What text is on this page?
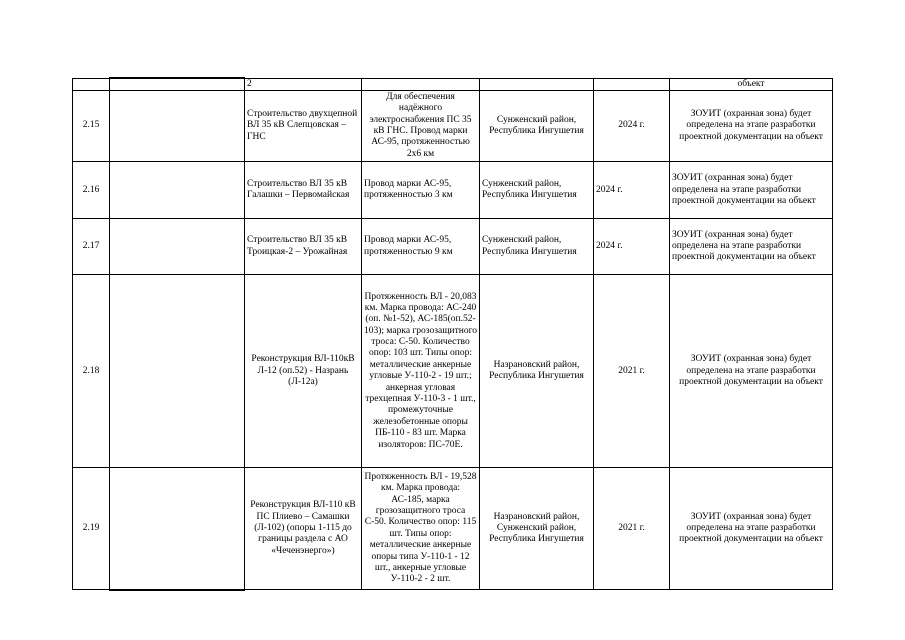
		2				объект
2.15		Строительство двухцепной ВЛ 35 кВ Слепцовская – ГНС	Для обеспечения надёжного электроснабжения ПС 35 кВ ГНС. Провод марки АС-95, протяженностью 2х6 км	Сунженский район, Республика Ингушетия	2024 г.	ЗОУИТ (охранная зона) будет определена на этапе разработки проектной документации на объект
2.16		Строительство ВЛ 35 кВ Галашки – Первомайская	Провод марки АС-95, протяженностью 3 км	Сунженский район, Республика Ингушетия	2024 г.	ЗОУИТ (охранная зона) будет определена на этапе разработки проектной документации на объект
2.17		Строительство ВЛ 35 кВ Троицкая-2 – Урожайная	Провод марки АС-95, протяженностью 9 км	Сунженский район, Республика Ингушетия	2024 г.	ЗОУИТ (охранная зона) будет определена на этапе разработки проектной документации на объект
2.18		Реконструкция ВЛ-110кВ Л-12 (оп.52) - Назрань (Л-12а)	Протяженность ВЛ - 20,083 км. Марка провода: АС-240 (оп. №1-52), АС-185(оп.52-103); марка грозозащитного троса: С-50. Количество опор: 103 шт. Типы опор: металлические анкерные угловые У-110-2 - 19 шт.; анкерная угловая трехцепная У-110-3 - 1 шт., промежуточные железобетонные опоры ПБ-110 - 83 шт. Марка изоляторов: ПС-70Е.	Назрановский район, Республика Ингушетия	2021 г.	ЗОУИТ (охранная зона) будет определена на этапе разработки проектной документации на объект
2.19		Реконструкция ВЛ-110 кВ ПС Плиево – Самашки (Л-102) (опоры 1-115 до границы раздела с АО «Чеченэнерго»)	Протяженность ВЛ - 19,528 км. Марка провода: АС-185, марка грозозащитного троса С-50. Количество опор: 115 шт. Типы опор: металлические анкерные опоры типа У-110-1 - 12 шт., анкерные угловые У-110-2 - 2 шт.	Назрановский район, Сунженский район, Республика Ингушетия	2021 г.	ЗОУИТ (охранная зона) будет определена на этапе разработки проектной документации на объект
